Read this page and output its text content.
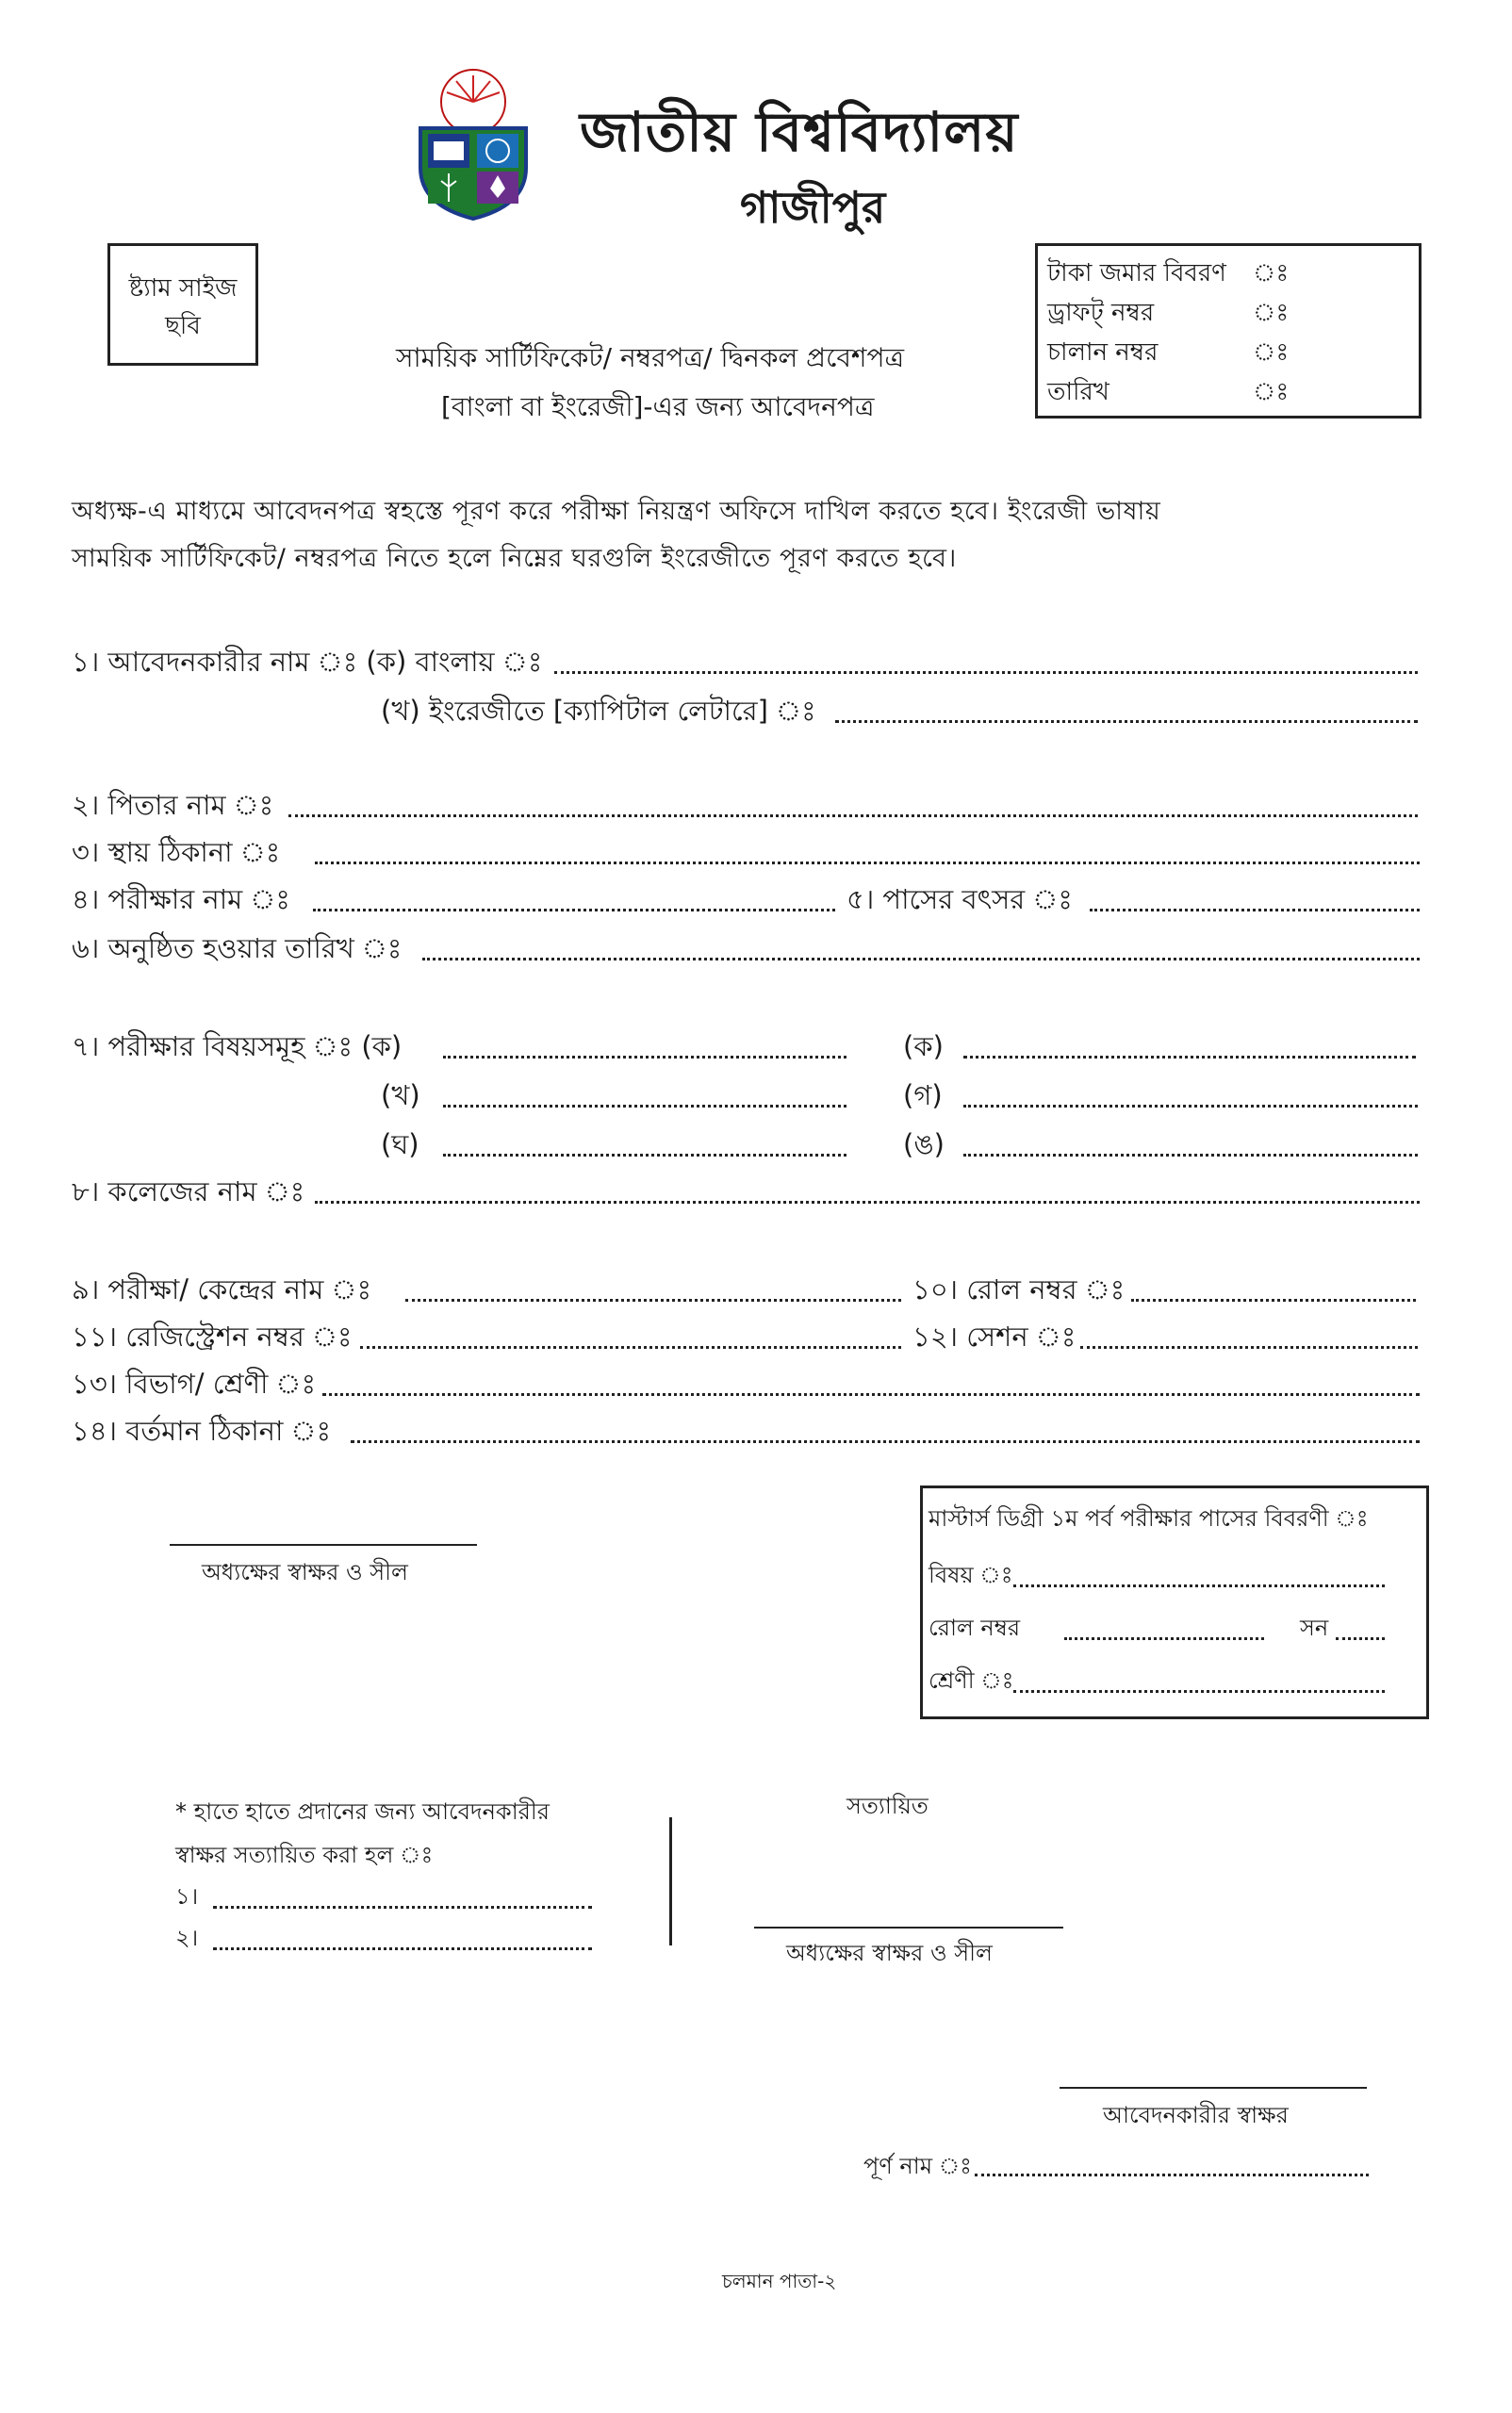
জাতীয় বিশ্ববিদ্যালয়
গাজীপুর
ষ্ট্যাম সাইজ
ছবি
সাময়িক সার্টিফিকেট/ নম্বরপত্র/ দ্বিনকল প্রবেশপত্র
[বাংলা বা ইংরেজী]-এর জন্য আবেদনপত্র
টাকা জমার বিবরণ ঃ
ড্রাফট্ নম্বর	ঃ
চালান নম্বর	ঃ
তারিখ	ঃ
অধ্যক্ষ-এ মাধ্যমে আবেদনপত্র স্বহস্তে পূরণ করে পরীক্ষা নিয়ন্ত্রণ অফিসে দাখিল করতে হবে। ইংরেজী ভাষায়
সাময়িক সার্টিফিকেট/ নম্বরপত্র নিতে হলে নিম্নের ঘরগুলি ইংরেজীতে পূরণ করতে হবে।
১। আবেদনকারীর নাম ঃ (ক) বাংলায় ঃ
(খ) ইংরেজীতে [ক্যাপিটাল লেটারে] ঃ
২। পিতার নাম ঃ
৩। স্থায় ঠিকানা ঃ
৪। পরীক্ষার নাম ঃ	৫। পাসের বৎসর ঃ
৬। অনুষ্ঠিত হওয়ার তারিখ ঃ
৭। পরীক্ষার বিষয়সমূহ ঃ (ক)	(ক)
(খ)	(গ)
(ঘ)	(ঙ)
৮। কলেজের নাম ঃ
৯। পরীক্ষা/ কেন্দ্রের নাম ঃ	১০। রোল নম্বর ঃ
১১। রেজিস্ট্রেশন নম্বর ঃ	১২। সেশন ঃ
১৩। বিভাগ/ শ্রেণী ঃ
১৪। বর্তমান ঠিকানা ঃ
অধ্যক্ষের স্বাক্ষর ও সীল
মাস্টার্স ডিগ্রী ১ম পর্ব পরীক্ষার পাসের বিবরণী ঃ
বিষয় ঃ
রোল নম্বর	সন
শ্রেণী ঃ
* হাতে হাতে প্রদানের জন্য আবেদনকারীর
স্বাক্ষর সত্যায়িত করা হল ঃ
১।
২।
সত্যায়িত
অধ্যক্ষের স্বাক্ষর ও সীল
আবেদনকারীর স্বাক্ষর
পূর্ণ নাম ঃ
চলমান পাতা-২
